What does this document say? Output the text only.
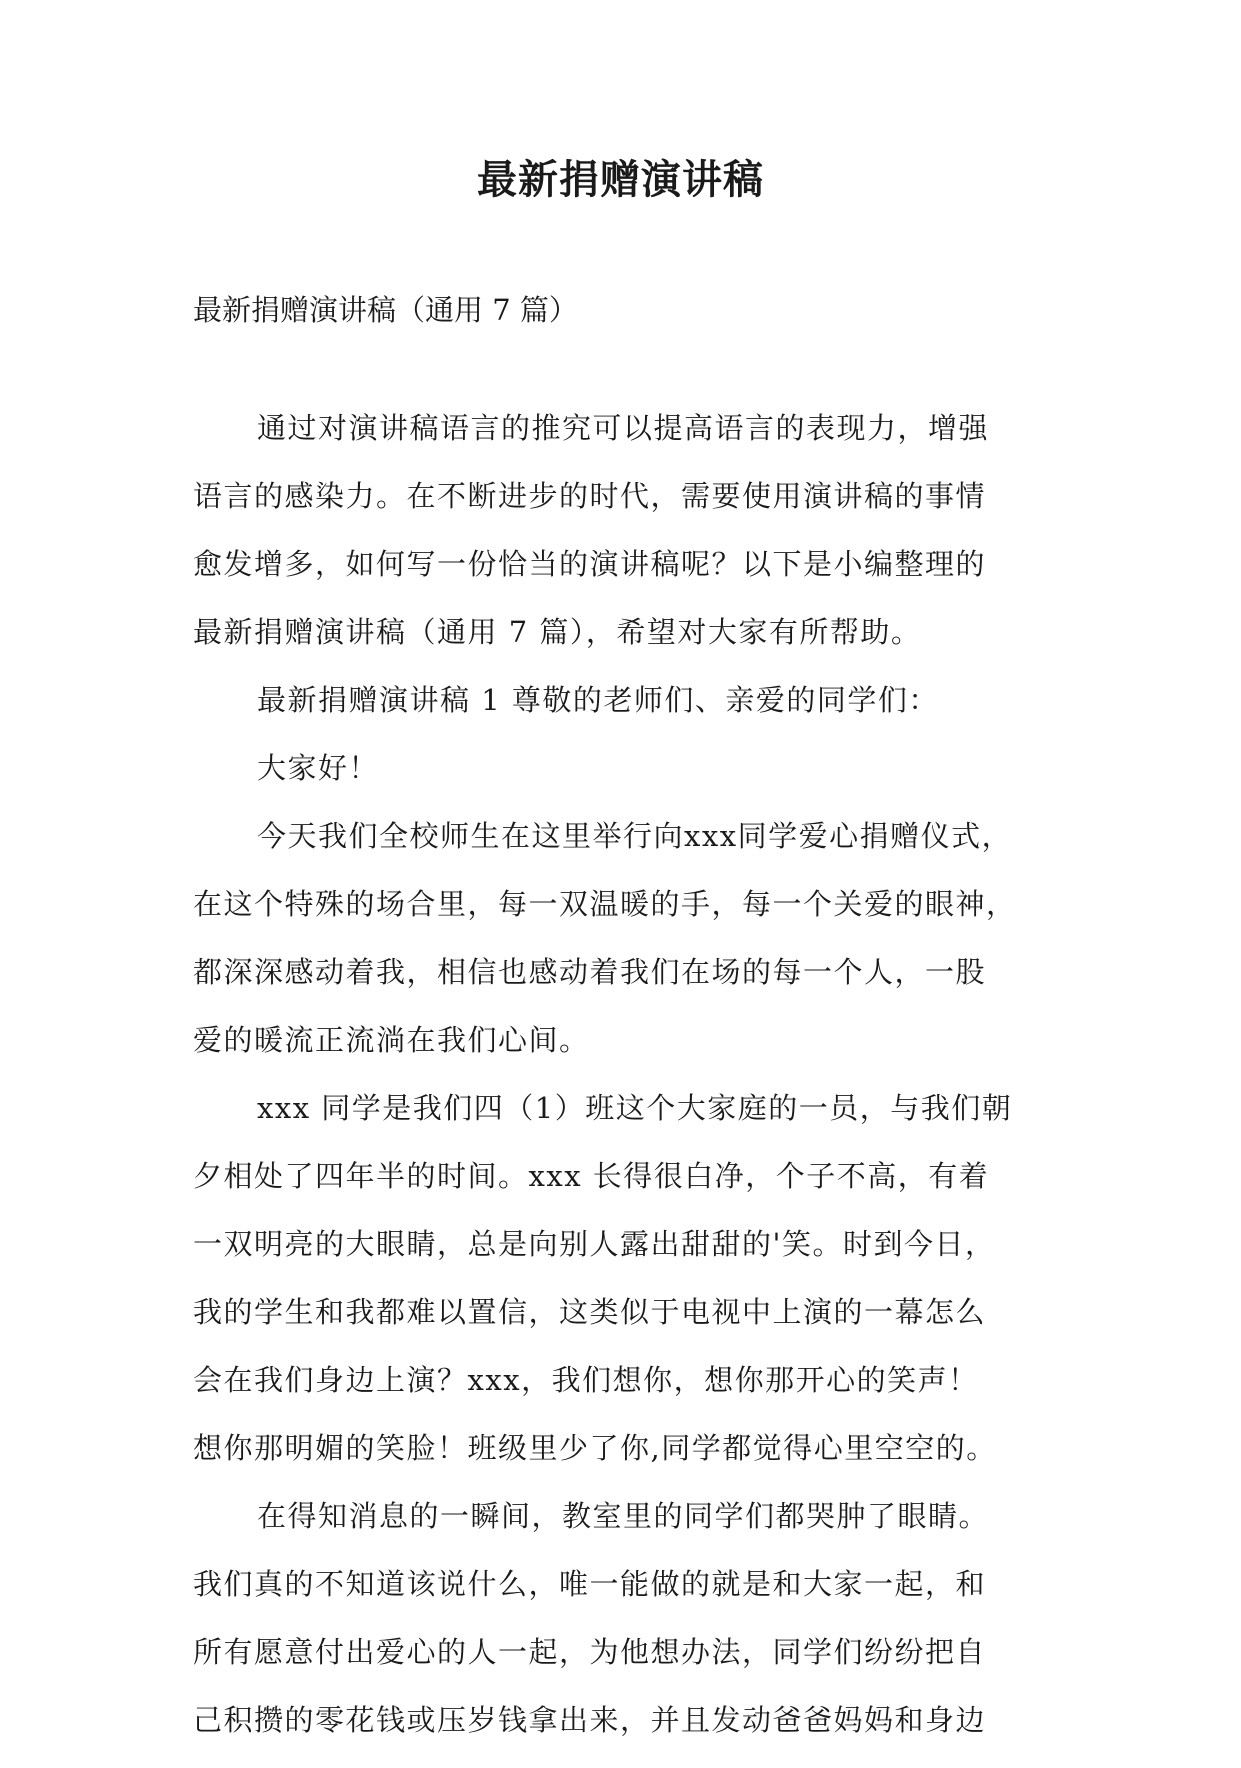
最新捐赠演讲稿

最新捐赠演讲稿（通用 7 篇）

通过对演讲稿语言的推究可以提高语言的表现力，增强
语言的感染力。在不断进步的时代，需要使用演讲稿的事情
愈发增多，如何写一份恰当的演讲稿呢？以下是小编整理的
最新捐赠演讲稿（通用 7 篇），希望对大家有所帮助。
最新捐赠演讲稿 1 尊敬的老师们、亲爱的同学们：
大家好！
今天我们全校师生在这里举行向xxx同学爱心捐赠仪式，
在这个特殊的场合里，每一双温暖的手，每一个关爱的眼神，
都深深感动着我，相信也感动着我们在场的每一个人，一股
爱的暖流正流淌在我们心间。
xxx 同学是我们四（1）班这个大家庭的一员，与我们朝
夕相处了四年半的时间。xxx 长得很白净，个子不高，有着
一双明亮的大眼睛，总是向别人露出甜甜的'笑。时到今日，
我的学生和我都难以置信，这类似于电视中上演的一幕怎么
会在我们身边上演？xxx，我们想你，想你那开心的笑声！
想你那明媚的笑脸！班级里少了你,同学都觉得心里空空的。
在得知消息的一瞬间，教室里的同学们都哭肿了眼睛。
我们真的不知道该说什么，唯一能做的就是和大家一起，和
所有愿意付出爱心的人一起，为他想办法，同学们纷纷把自
己积攒的零花钱或压岁钱拿出来，并且发动爸爸妈妈和身边
